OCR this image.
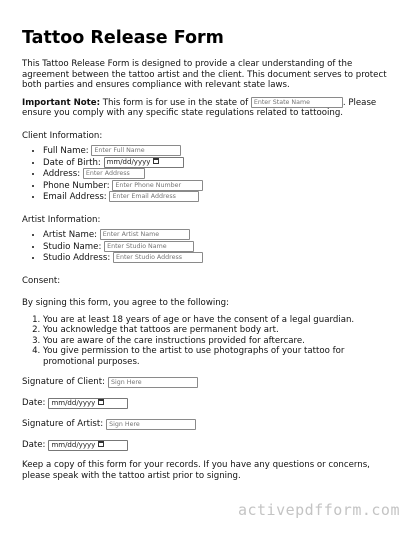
Tattoo Release Form

This Tattoo Release Form is designed to provide a clear understanding of the agreement between the tattoo artist and the client. This document serves to protect both parties and ensures compliance with relevant state laws.

Important Note: This form is for use in the state of Enter State Name	. Please ensure you comply with any specific state regulations related to tattooing.

Client Information:

• Full Name: Enter Full Name
• Date of Birth: mm/dd/yyyy
• Address: Enter Address
• Phone Number: Enter Phone Number
• Email Address: Enter Email Address

Artist Information:

• Artist Name: Enter Artist Name
• Studio Name: Enter Studio Name
• Studio Address: Enter Studio Address

Consent:

By signing this form, you agree to the following:

1. You are at least 18 years of age or have the consent of a legal guardian.
2. You acknowledge that tattoos are permanent body art.
3. You are aware of the care instructions provided for aftercare.
4. You give permission to the artist to use photographs of your tattoo for promotional purposes.
Signature of Client:
Sign Here
Date: mm/dd/yyyy
Signature of Artist:
Sign Here
Date: mm/dd/yyyy

Keep a copy of this form for your records. If you have any questions or concerns, please speak with the tattoo artist prior to signing.

activepdfform.com
